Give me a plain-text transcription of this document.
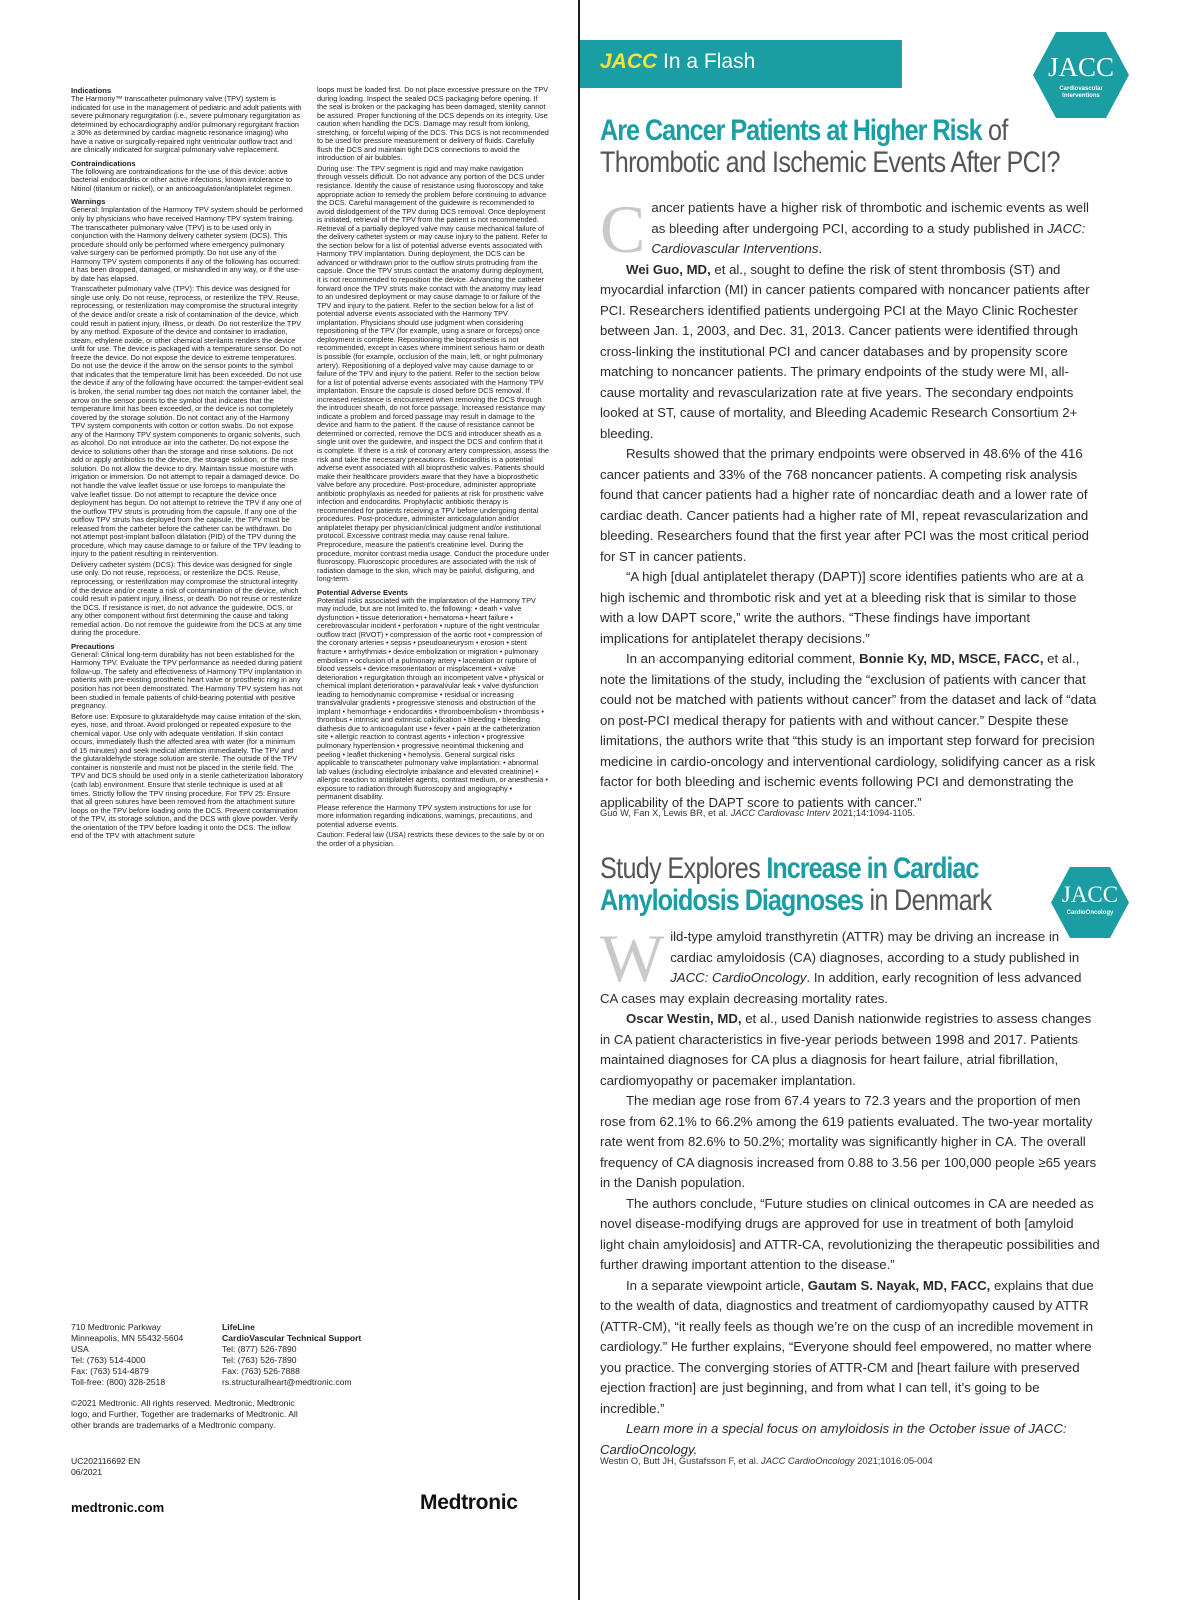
Indications

The Harmony™ transcatheter pulmonary valve (TPV) system is indicated for use in the management of pediatric and adult patients with severe pulmonary regurgitation (i.e., severe pulmonary regurgitation as determined by echocardiography and/or pulmonary regurgitant fraction ≥ 30% as determined by cardiac magnetic resonance imaging) who have a native or surgically-repaired right ventricular outflow tract and are clinically indicated for surgical pulmonary valve replacement.

Contraindications

The following are contraindications for the use of this device: active bacterial endocarditis or other active infections, known intolerance to Nitinol (titanium or nickel), or an anticoagulation/antiplatelet regimen.

Warnings

General: Implantation of the Harmony TPV system should be performed only by physicians who have received Harmony TPV system training. The transcatheter pulmonary valve (TPV) is to be used only in conjunction with the Harmony delivery catheter system (DCS). This procedure should only be performed where emergency pulmonary valve surgery can be performed promptly. Do not use any of the Harmony TPV system components if any of the following has occurred: it has been dropped, damaged, or mishandled in any way, or if the use-by date has elapsed.

Transcatheter pulmonary valve (TPV): This device was designed for single use only. Do not reuse, reprocess, or resterilize the TPV. Reuse, reprocessing, or resterilization may compromise the structural integrity of the device and/or create a risk of contamination of the device, which could result in patient injury, illness, or death. Do not resterilize the TPV by any method. Exposure of the device and container to irradiation, steam, ethylene oxide, or other chemical sterilants renders the device unfit for use. The device is packaged with a temperature sensor. Do not freeze the device. Do not expose the device to extreme temperatures. Do not use the device if the arrow on the sensor points to the symbol that indicates that the temperature limit has been exceeded. Do not use the device if any of the following have occurred: the tamper-evident seal is broken, the serial number tag does not match the container label, the arrow on the sensor points to the symbol that indicates that the temperature limit has been exceeded, or the device is not completely covered by the storage solution. Do not contact any of the Harmony TPV system components with cotton or cotton swabs. Do not expose any of the Harmony TPV system components to organic solvents, such as alcohol. Do not introduce air into the catheter. Do not expose the device to solutions other than the storage and rinse solutions. Do not add or apply antibiotics to the device, the storage solution, or the rinse solution. Do not allow the device to dry. Maintain tissue moisture with irrigation or immersion. Do not attempt to repair a damaged device. Do not handle the valve leaflet tissue or use forceps to manipulate the valve leaflet tissue. Do not attempt to recapture the device once deployment has begun. Do not attempt to retrieve the TPV if any one of the outflow TPV struts is protruding from the capsule. If any one of the outflow TPV struts has deployed from the capsule, the TPV must be released from the catheter before the catheter can be withdrawn. Do not attempt post-implant balloon dilatation (PID) of the TPV during the procedure, which may cause damage to or failure of the TPV leading to injury to the patient resulting in reintervention.

Delivery catheter system (DCS): This device was designed for single use only. Do not reuse, reprocess, or resterilize the DCS. Reuse, reprocessing, or resterilization may compromise the structural integrity of the device and/or create a risk of contamination of the device, which could result in patient injury, illness, or death. Do not reuse or resterilize the DCS. If resistance is met, do not advance the guidewire, DCS, or any other component without first determining the cause and taking remedial action. Do not remove the guidewire from the DCS at any time during the procedure.

Precautions

General: Clinical long-term durability has not been established for the Harmony TPV. Evaluate the TPV performance as needed during patient follow-up. The safety and effectiveness of Harmony TPV implantation in patients with pre-existing prosthetic heart valve or prosthetic ring in any position has not been demonstrated. The Harmony TPV system has not been studied in female patients of child-bearing potential with positive pregnancy.

Before use: Exposure to glutaraldehyde may cause irritation of the skin, eyes, nose, and throat. Avoid prolonged or repeated exposure to the chemical vapor. Use only with adequate ventilation. If skin contact occurs, immediately flush the affected area with water (for a minimum of 15 minutes) and seek medical attention immediately. The TPV and the glutaraldehyde storage solution are sterile. The outside of the TPV container is nonsterile and must not be placed in the sterile field. The TPV and DCS should be used only in a sterile catheterization laboratory (cath lab) environment. Ensure that sterile technique is used at all times. Strictly follow the TPV rinsing procedure. For TPV 25: Ensure that all green sutures have been removed from the attachment suture loops on the TPV before loading onto the DCS. Prevent contamination of the TPV, its storage solution, and the DCS with glove powder. Verify the orientation of the TPV before loading it onto the DCS. The inflow end of the TPV with attachment suture

loops must be loaded first. Do not place excessive pressure on the TPV during loading. Inspect the sealed DCS packaging before opening. If the seal is broken or the packaging has been damaged, sterility cannot be assured. Proper functioning of the DCS depends on its integrity. Use caution when handling the DCS. Damage may result from kinking, stretching, or forceful wiping of the DCS. This DCS is not recommended to be used for pressure measurement or delivery of fluids. Carefully flush the DCS and maintain tight DCS connections to avoid the introduction of air bubbles.

During use: The TPV segment is rigid and may make navigation through vessels difficult. Do not advance any portion of the DCS under resistance. Identify the cause of resistance using fluoroscopy and take appropriate action to remedy the problem before continuing to advance the DCS. Careful management of the guidewire is recommended to avoid dislodgement of the TPV during DCS removal. Once deployment is initiated, retrieval of the TPV from the patient is not recommended. Retrieval of a partially deployed valve may cause mechanical failure of the delivery catheter system or may cause injury to the patient. Refer to the section below for a list of potential adverse events associated with Harmony TPV implantation. During deployment, the DCS can be advanced or withdrawn prior to the outflow struts protruding from the capsule. Once the TPV struts contact the anatomy during deployment, it is not recommended to reposition the device. Advancing the catheter forward once the TPV struts make contact with the anatomy may lead to an undesired deployment or may cause damage to or failure of the TPV and injury to the patient. Refer to the section below for a list of potential adverse events associated with the Harmony TPV implantation. Physicians should use judgment when considering repositioning of the TPV (for example, using a snare or forceps) once deployment is complete. Repositioning the bioprosthesis is not recommended, except in cases where imminent serious harm or death is possible (for example, occlusion of the main, left, or right pulmonary artery). Repositioning of a deployed valve may cause damage to or failure of the TPV and injury to the patient. Refer to the section below for a list of potential adverse events associated with the Harmony TPV implantation. Ensure the capsule is closed before DCS removal. If increased resistance is encountered when removing the DCS through the introducer sheath, do not force passage. Increased resistance may indicate a problem and forced passage may result in damage to the device and harm to the patient. If the cause of resistance cannot be determined or corrected, remove the DCS and introducer sheath as a single unit over the guidewire, and inspect the DCS and confirm that it is complete. If there is a risk of coronary artery compression, assess the risk and take the necessary precautions. Endocarditis is a potential adverse event associated with all bioprosthetic valves. Patients should make their healthcare providers aware that they have a bioprosthetic valve before any procedure. Post-procedure, administer appropriate antibiotic prophylaxis as needed for patients at risk for prosthetic valve infection and endocarditis. Prophylactic antibiotic therapy is recommended for patients receiving a TPV before undergoing dental procedures. Post-procedure, administer anticoagulation and/or antiplatelet therapy per physician/clinical judgment and/or institutional protocol. Excessive contrast media may cause renal failure. Preprocedure, measure the patient's creatinine level. During the procedure, monitor contrast media usage. Conduct the procedure under fluoroscopy. Fluoroscopic procedures are associated with the risk of radiation damage to the skin, which may be painful, disfiguring, and long-term.

Potential Adverse Events

Potential risks associated with the implantation of the Harmony TPV may include, but are not limited to, the following: • death • valve dysfunction • tissue deterioration • hematoma • heart failure • cerebrovascular incident • perforation • rupture of the right ventricular outflow tract (RVOT) • compression of the aortic root • compression of the coronary arteries • sepsis • pseudoaneurysm • erosion • stent fracture • arrhythmias • device embolization or migration • pulmonary embolism • occlusion of a pulmonary artery • laceration or rupture of blood vessels • device misorientation or misplacement • valve deterioration • regurgitation through an incompetent valve • physical or chemical implant deterioration • paravalvular leak • valve dysfunction leading to hemodynamic compromise • residual or increasing transvalvular gradients • progressive stenosis and obstruction of the implant • hemorrhage • endocarditis • thromboembolism • thrombosis • thrombus • intrinsic and extrinsic calcification • bleeding • bleeding diathesis due to anticoagulant use • fever • pain at the catheterization site • allergic reaction to contrast agents • infection • progressive pulmonary hypertension • progressive neointimal thickening and peeling • leaflet thickening • hemolysis. General surgical risks applicable to transcatheter pulmonary valve implantation: • abnormal lab values (including electrolyte imbalance and elevated creatinine) • allergic reaction to antiplatelet agents, contrast medium, or anesthesia • exposure to radiation through fluoroscopy and angiography • permanent disability.

Please reference the Harmony TPV system instructions for use for more information regarding indications, warnings, precautions, and potential adverse events.

Caution: Federal law (USA) restricts these devices to the sale by or on the order of a physician.

710 Medtronic Parkway
Minneapolis, MN 55432-5604
USA
Tel: (763) 514-4000
Fax: (763) 514-4879
Toll-free: (800) 328-2518
LifeLine
CardioVascular Technical Support
Tel: (877) 526-7890
Tel: (763) 526-7890
Fax: (763) 526-7888
rs.structuralheart@medtronic.com
©2021 Medtronic. All rights reserved. Medtronic, Medtronic logo, and Further, Together are trademarks of Medtronic. All other brands are trademarks of a Medtronic company.
UC202116692 EN
06/2021
medtronic.com	Medtronic
JACC In a Flash	JACC
Cardiovascular
Interventions
Are Cancer Patients at Higher Risk of
Thrombotic and Ischemic Events After PCI?

Cancer patients have a higher risk of thrombotic and ischemic events as well as bleeding after undergoing PCI, according to a study published in JACC: Cardiovascular Interventions.

Wei Guo, MD, et al., sought to define the risk of stent thrombosis (ST) and myocardial infarction (MI) in cancer patients compared with noncancer patients after PCI. Researchers identified patients undergoing PCI at the Mayo Clinic Rochester between Jan. 1, 2003, and Dec. 31, 2013. Cancer patients were identified through cross-linking the institutional PCI and cancer databases and by propensity score matching to noncancer patients. The primary endpoints of the study were MI, all-cause mortality and revascularization rate at five years. The secondary endpoints looked at ST, cause of mortality, and Bleeding Academic Research Consortium 2+ bleeding.

Results showed that the primary endpoints were observed in 48.6% of the 416 cancer patients and 33% of the 768 noncancer patients. A competing risk analysis found that cancer patients had a higher rate of noncardiac death and a lower rate of cardiac death. Cancer patients had a higher rate of MI, repeat revascularization and bleeding. Researchers found that the first year after PCI was the most critical period for ST in cancer patients.

“A high [dual antiplatelet therapy (DAPT)] score identifies patients who are at a high ischemic and thrombotic risk and yet at a bleeding risk that is similar to those with a low DAPT score,” write the authors. “These findings have important implications for antiplatelet therapy decisions.”

In an accompanying editorial comment, Bonnie Ky, MD, MSCE, FACC, et al., note the limitations of the study, including the “exclusion of patients with cancer that could not be matched with patients without cancer” from the dataset and lack of “data on post-PCI medical therapy for patients with and without cancer.” Despite these limitations, the authors write that “this study is an important step forward for precision medicine in cardio-oncology and interventional cardiology, solidifying cancer as a risk factor for both bleeding and ischemic events following PCI and demonstrating the applicability of the DAPT score to patients with cancer.”

Guo W, Fan X, Lewis BR, et al. JACC Cardiovasc Interv 2021;14:1094-1105.
JACC
CardioOncology
Study Explores Increase in Cardiac
Amyloidosis Diagnoses in Denmark

Wild-type amyloid transthyretin (ATTR) may be driving an increase in cardiac amyloidosis (CA) diagnoses, according to a study published in JACC: CardioOncology. In addition, early recognition of less advanced CA cases may explain decreasing mortality rates.

Oscar Westin, MD, et al., used Danish nationwide registries to assess changes in CA patient characteristics in five-year periods between 1998 and 2017. Patients maintained diagnoses for CA plus a diagnosis for heart failure, atrial fibrillation, cardiomyopathy or pacemaker implantation.

The median age rose from 67.4 years to 72.3 years and the proportion of men rose from 62.1% to 66.2% among the 619 patients evaluated. The two-year mortality rate went from 82.6% to 50.2%; mortality was significantly higher in CA. The overall frequency of CA diagnosis increased from 0.88 to 3.56 per 100,000 people ≥65 years in the Danish population.

The authors conclude, “Future studies on clinical outcomes in CA are needed as novel disease-modifying drugs are approved for use in treatment of both [amyloid light chain amyloidosis] and ATTR-CA, revolutionizing the therapeutic possibilities and further drawing important attention to the disease.”

In a separate viewpoint article, Gautam S. Nayak, MD, FACC, explains that due to the wealth of data, diagnostics and treatment of cardiomyopathy caused by ATTR (ATTR-CM), “it really feels as though we’re on the cusp of an incredible movement in cardiology.” He further explains, “Everyone should feel empowered, no matter where you practice. The converging stories of ATTR-CM and [heart failure with preserved ejection fraction] are just beginning, and from what I can tell, it’s going to be incredible.”

Learn more in a special focus on amyloidosis in the October issue of JACC: CardioOncology.

Westin O, Butt JH, Gustafsson F, et al. JACC CardioOncology 2021;1016:05-004
